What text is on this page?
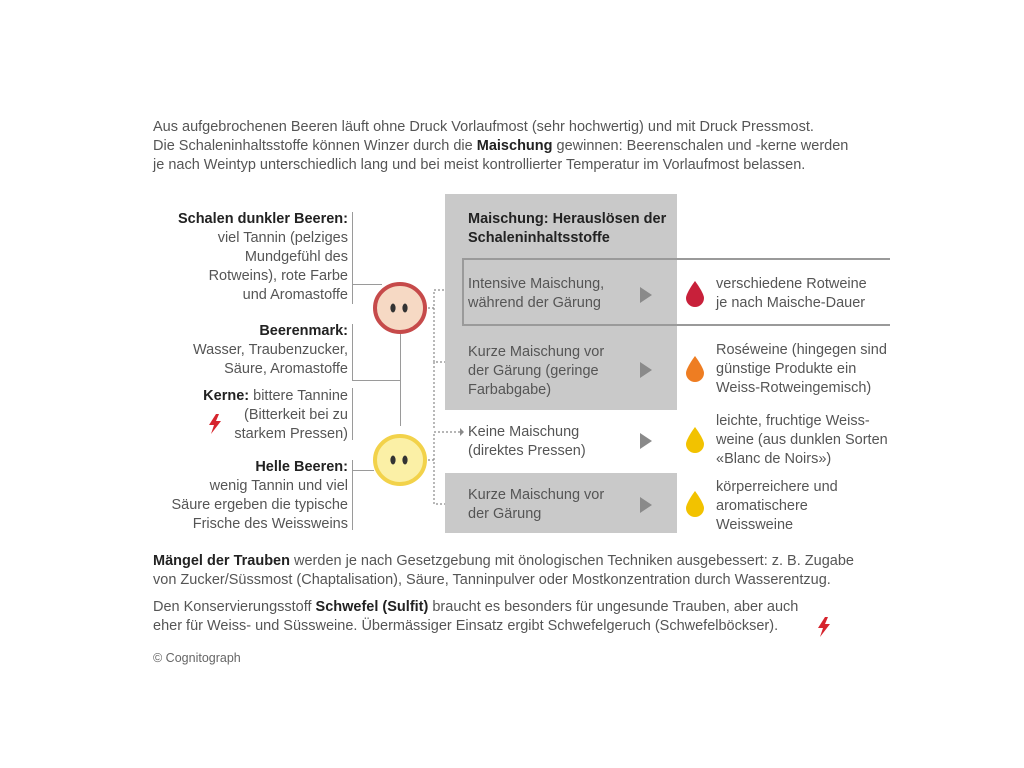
Aus aufgebrochenen Beeren läuft ohne Druck Vorlaufmost (sehr hochwertig) und mit Druck Pressmost.
Die Schaleninhaltsstoffe können Winzer durch die Maischung gewinnen: Beerenschalen und -kerne werden
je nach Weintyp unterschiedlich lang und bei meist kontrollierter Temperatur im Vorlaufmost belassen.
Schalen dunkler Beeren:
viel Tannin (pelziges
Mundgefühl des
Rotweins), rote Farbe
und Aromastoffe
Beerenmark:
Wasser, Traubenzucker,
Säure, Aromastoffe
Kerne: bittere Tannine
(Bitterkeit bei zu
starkem Pressen)
Helle Beeren:
wenig Tannin und viel
Säure ergeben die typische
Frische des Weissweins
Maischung: Herauslösen der
Schaleninhaltsstoffe
Intensive Maischung,
während der Gärung
Kurze Maischung vor
der Gärung (geringe
Farbabgabe)
Keine Maischung
(direktes Pressen)
Kurze Maischung vor
der Gärung
verschiedene Rotweine
je nach Maische-Dauer
Roséweine (hingegen sind
günstige Produkte ein
Weiss-Rotweingemisch)
leichte, fruchtige Weiss-
weine (aus dunklen Sorten
«Blanc de Noirs»)
körperreichere und
aromatischere
Weissweine
Mängel der Trauben werden je nach Gesetzgebung mit önologischen Techniken ausgebessert: z. B. Zugabe
von Zucker/Süssmost (Chaptalisation), Säure, Tanninpulver oder Mostkonzentration durch Wasserentzug.
Den Konservierungsstoff Schwefel (Sulfit) braucht es besonders für ungesunde Trauben, aber auch
eher für Weiss- und Süssweine. Übermässiger Einsatz ergibt Schwefelgeruch (Schwefelböckser).
© Cognitograph
